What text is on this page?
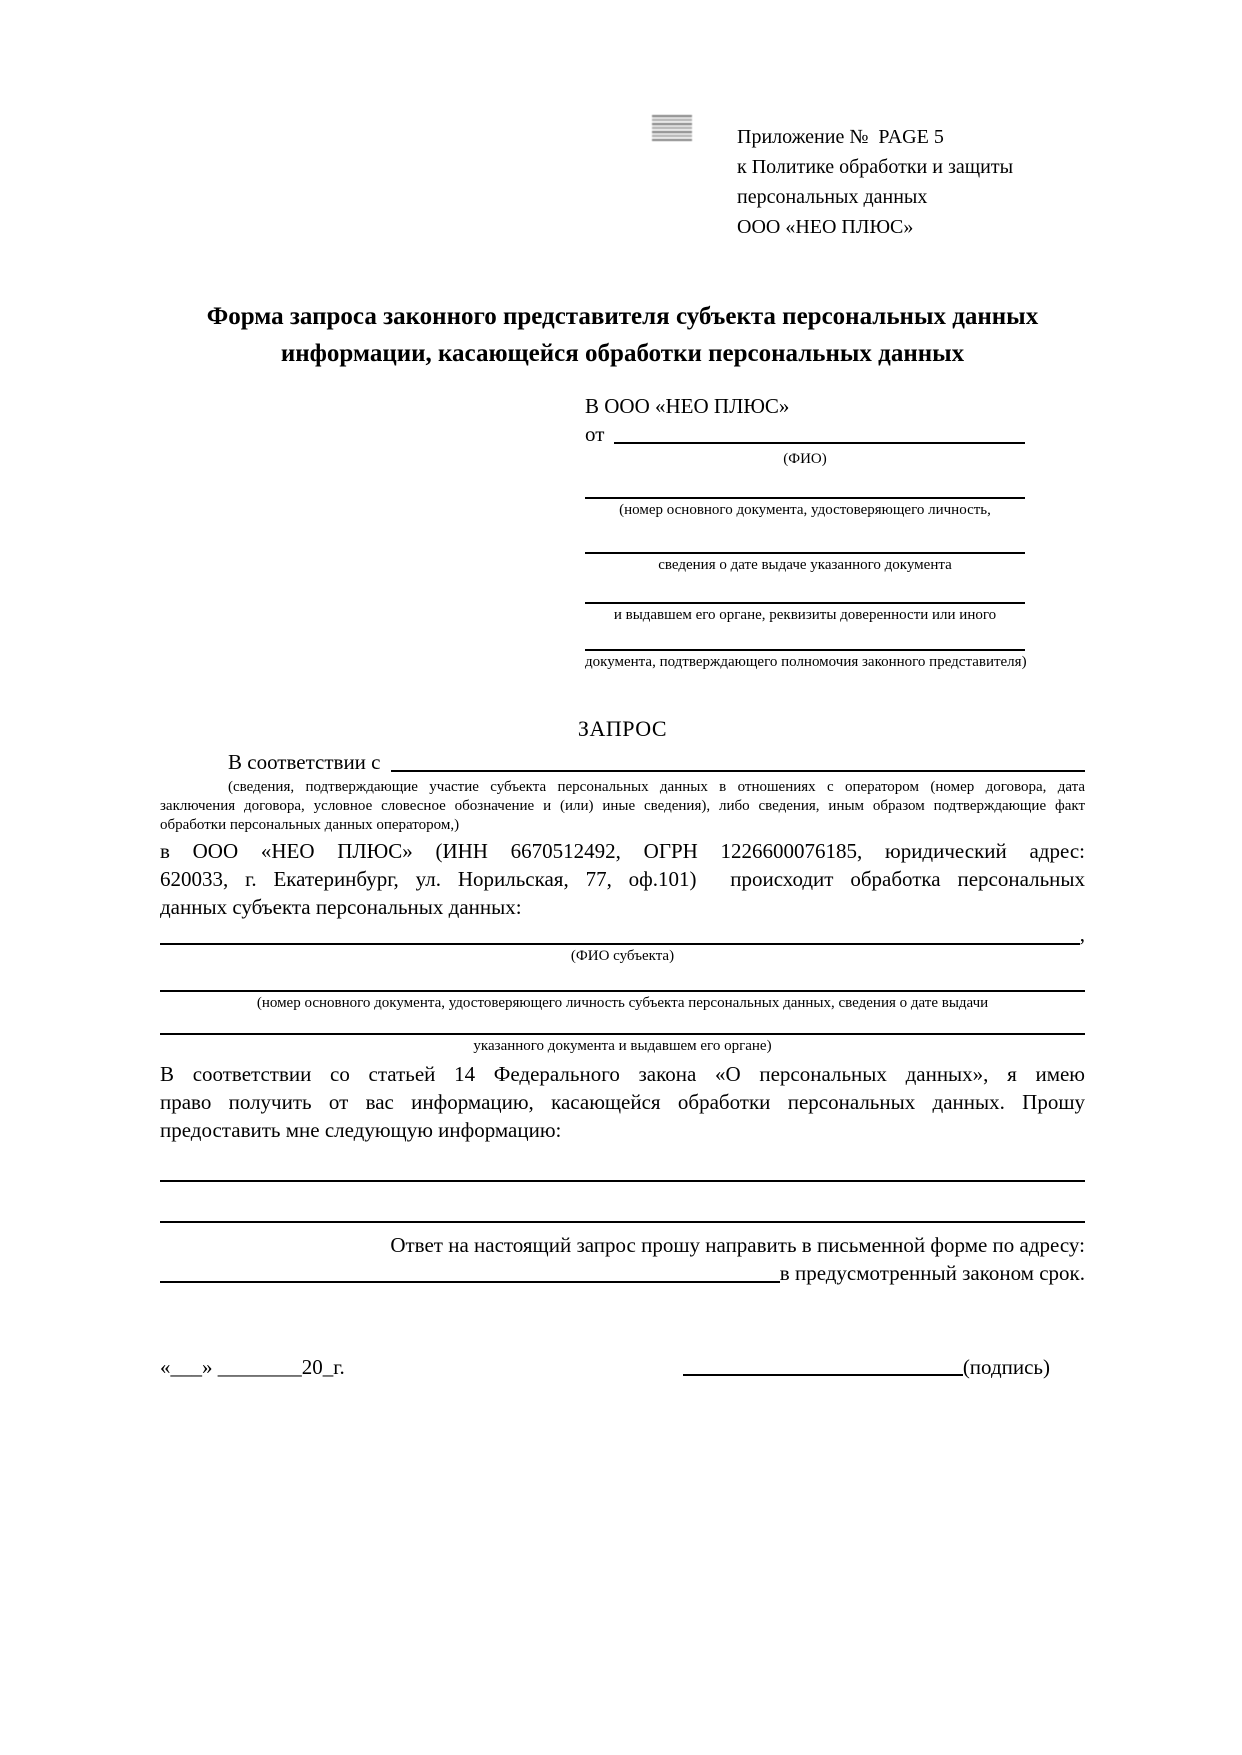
Приложение №  PAGE 5
к Политике обработки и защиты
персональных данных
ООО «НЕО ПЛЮС»
Форма запроса законного представителя субъекта персональных данных
информации, касающейся обработки персональных данных
В ООО «НЕО ПЛЮС»
от
(ФИО)
(номер основного документа, удостоверяющего личность,
сведения о дате выдаче указанного документа
и выдавшем его органе, реквизиты доверенности или иного
документа, подтверждающего полномочия законного представителя)
ЗАПРОС
В соответствии с
(сведения, подтверждающие участие субъекта персональных данных в отношениях с оператором (номер договора, дата
заключения договора, условное словесное обозначение и (или) иные сведения), либо сведения, иным образом подтверждающие факт
обработки персональных данных оператором,)
в ООО «НЕО ПЛЮС» (ИНН 6670512492, ОГРН 1226600076185, юридический адрес:
620033, г. Екатеринбург, ул. Норильская, 77, оф.101)  происходит обработка персональных
данных субъекта персональных данных:
,
(ФИО субъекта)
(номер основного документа, удостоверяющего личность субъекта персональных данных, сведения о дате выдачи
указанного документа и выдавшем его органе)
В соответствии со статьей 14 Федерального закона «О персональных данных», я имею
право получить от вас информацию, касающейся обработки персональных данных. Прошу
предоставить мне следующую информацию:
Ответ на настоящий запрос прошу направить в письменной форме по адресу:
в предусмотренный законом срок.
«___» ________20_г.	(подпись)
